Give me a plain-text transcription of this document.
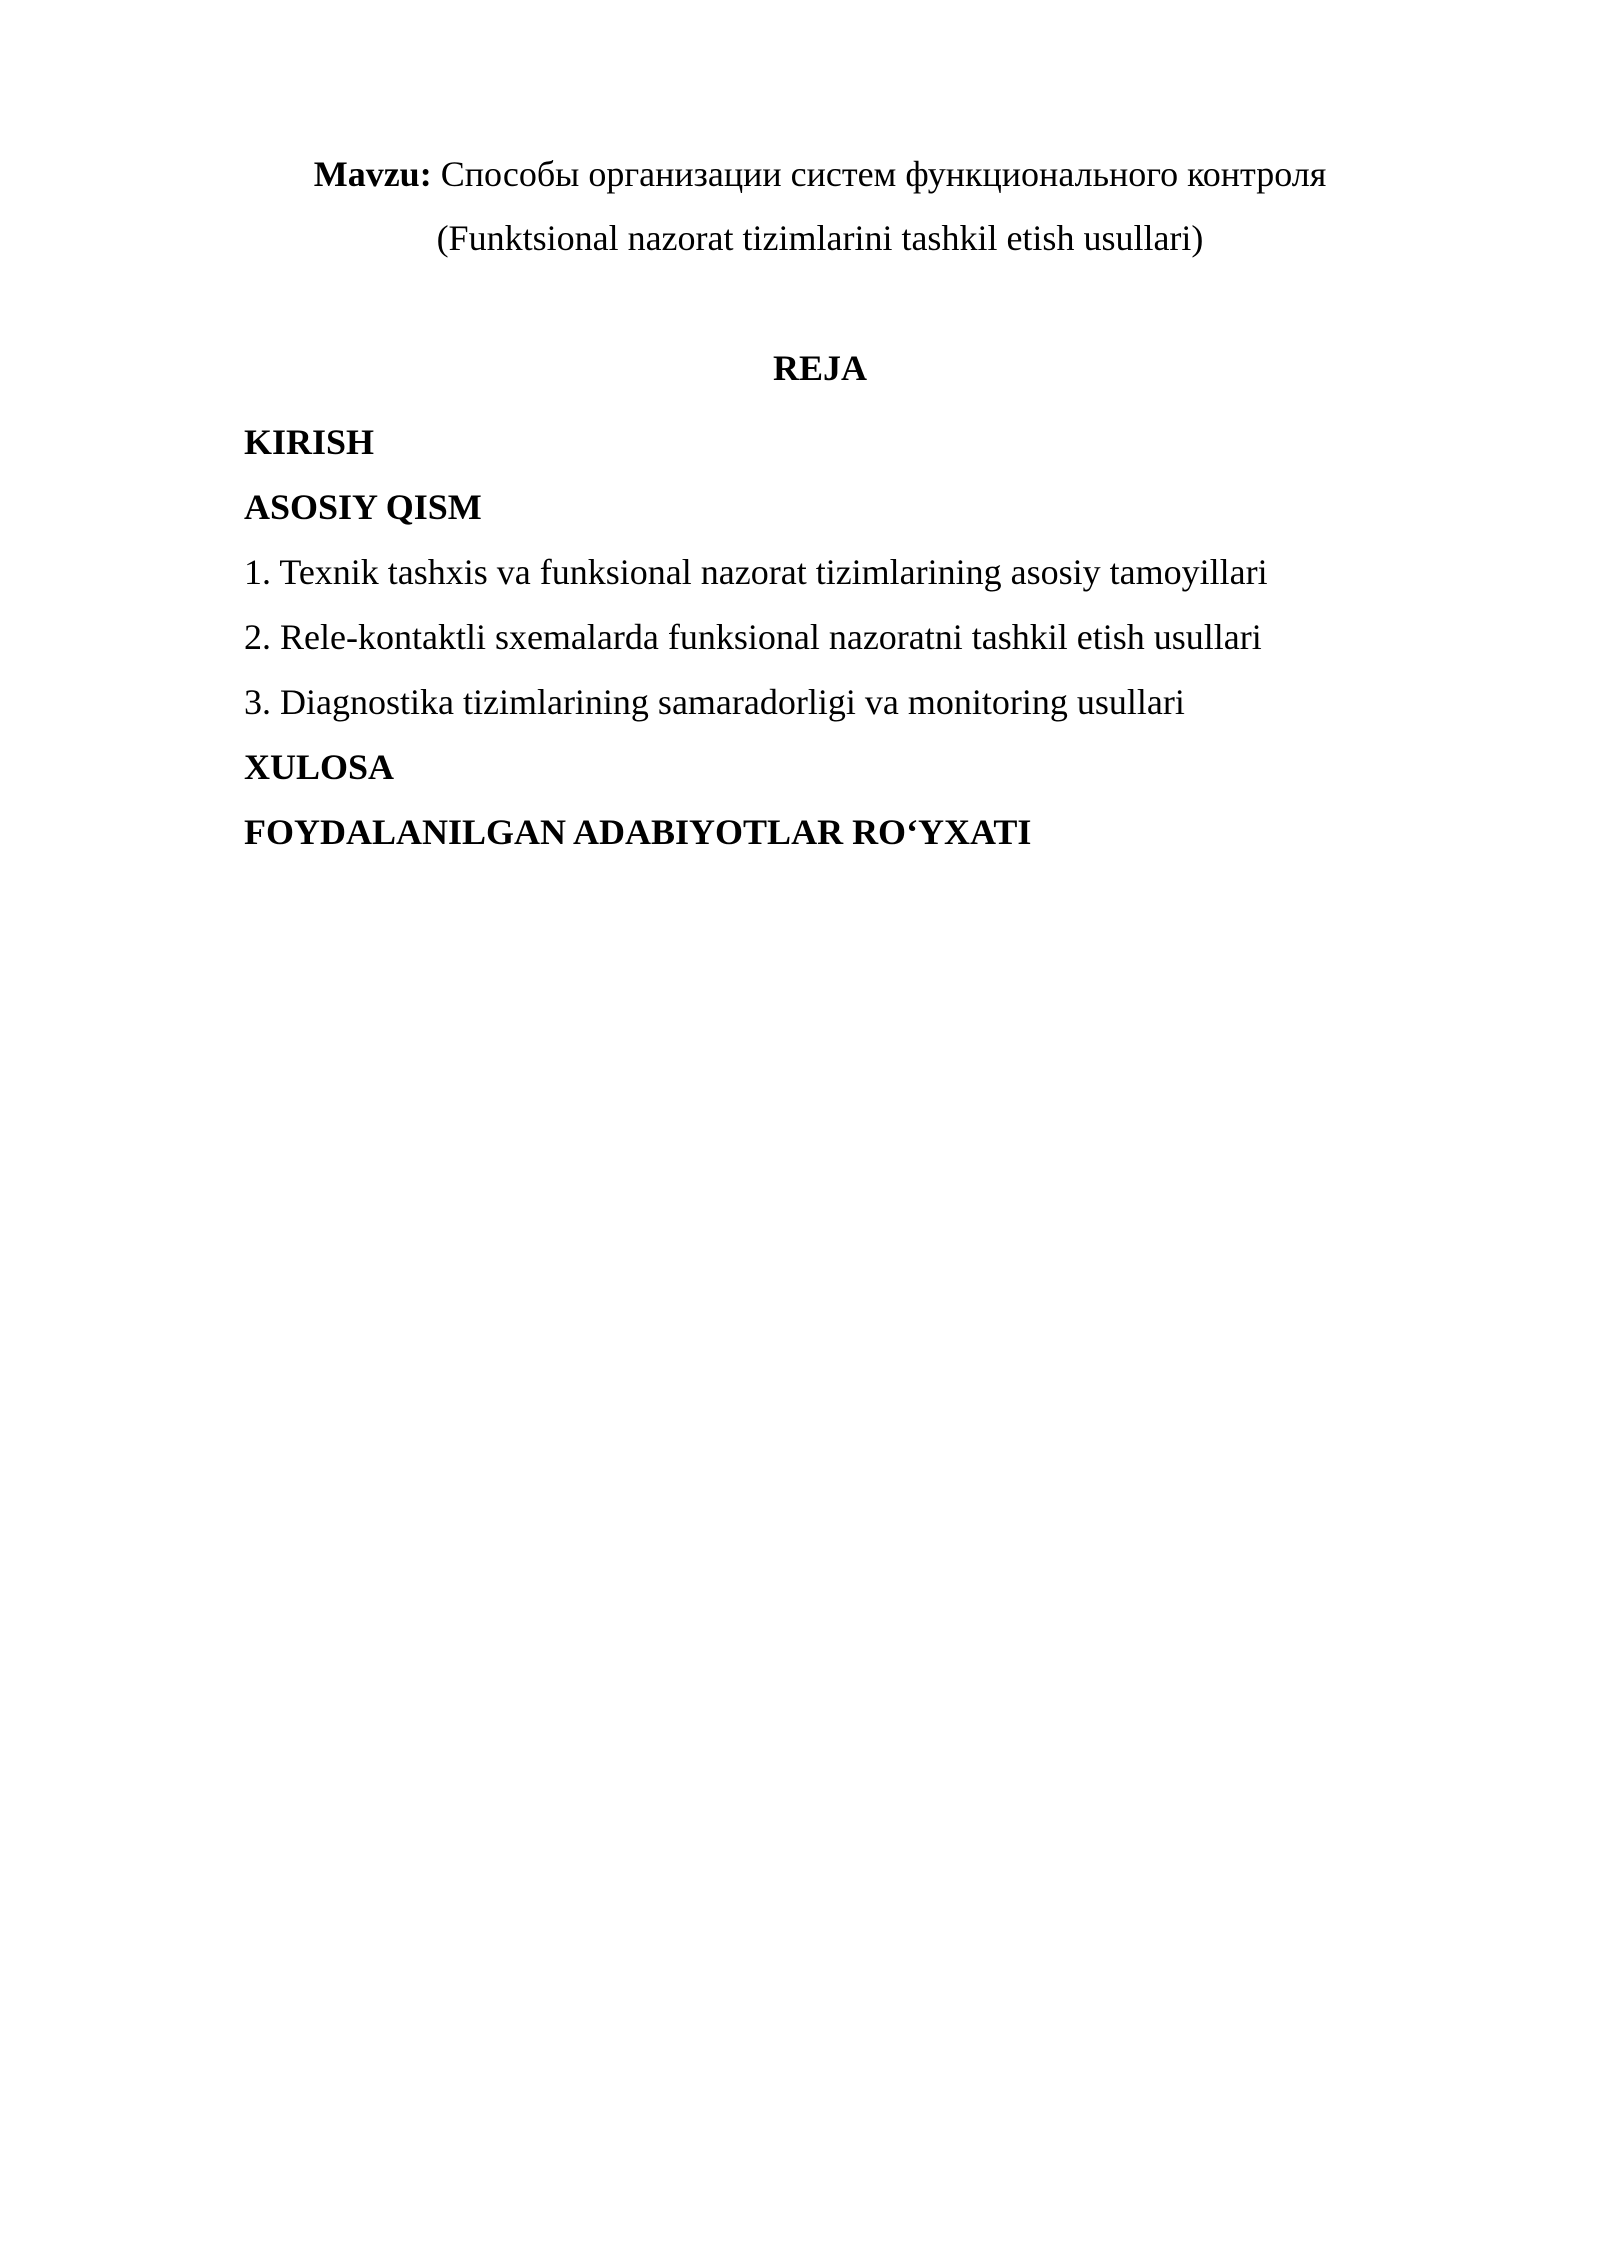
Mavzu: Способы организации систем функционального контроля
(Funktsional nazorat tizimlarini tashkil etish usullari)
REJA
KIRISH
ASOSIY QISM
1. Texnik tashxis va funksional nazorat tizimlarining asosiy tamoyillari
2. Rele-kontaktli sxemalarda funksional nazoratni tashkil etish usullari
3. Diagnostika tizimlarining samaradorligi va monitoring usullari
XULOSA
FOYDALANILGAN ADABIYOTLAR RO‘YXATI
